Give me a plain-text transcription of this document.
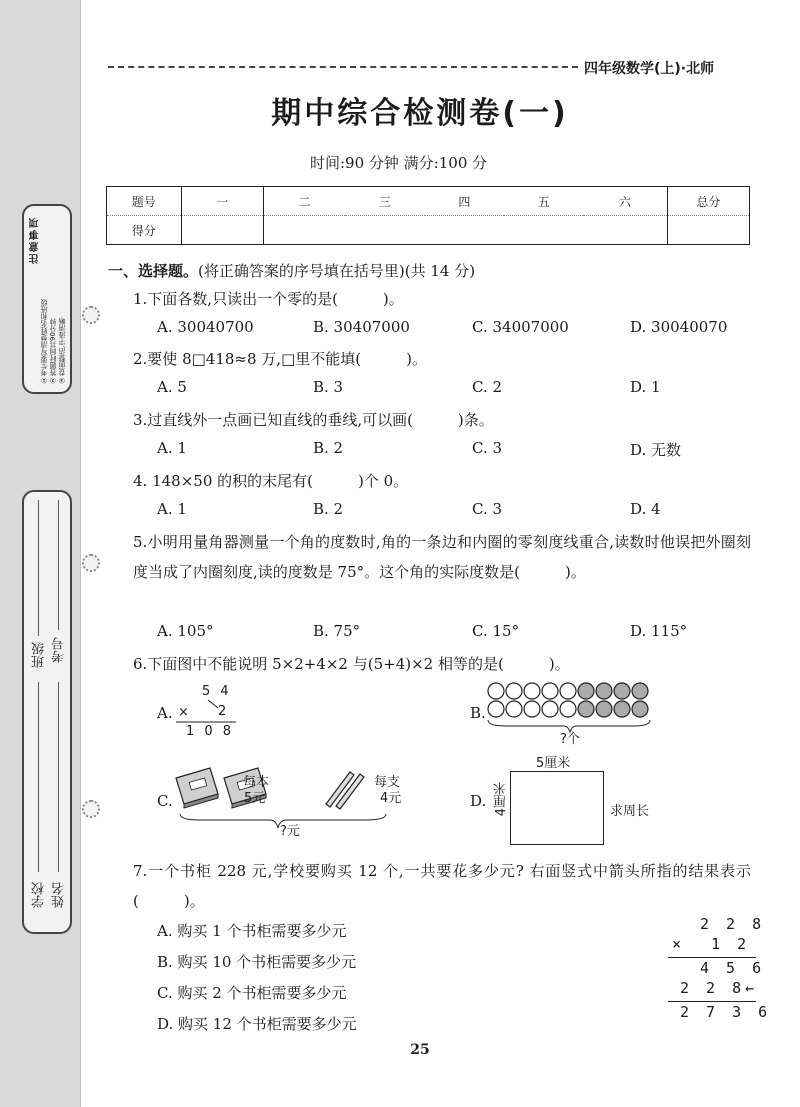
注意事项
①考生要写清楚姓名和班级 ②答题时间共90分钟 ③卷面整洁,字迹清晰
班级 考号
学校 姓名
四年级数学(上)·北师
期中综合检测卷(一)
时间:90 分钟 满分:100 分
题号	一	二	三	四	五	六	总分
得分							
一、选择题。(将正确答案的序号填在括号里)(共 14 分)
1.下面各数,只读出一个零的是(　　　)。
A. 30040700	B. 30407000	C. 34007000	D. 30040070
2.要使 8□418≈8 万,□里不能填(　　　)。
A. 5	B. 3	C. 2	D. 1
3.过直线外一点画已知直线的垂线,可以画(　　　)条。
A. 1	B. 2	C. 3	D. 无数
4. 148×50 的积的末尾有(　　　)个 0。
A. 1	B. 2	C. 3	D. 4
5.小明用量角器测量一个角的度数时,角的一条边和内圈的零刻度线重合,读数时他误把外圈刻度当成了内圈刻度,读的度数是 75°。这个角的实际度数是(　　　)。
A. 105°	B. 75°	C. 15°	D. 115°
6.下面图中不能说明 5×2+4×2 与(5+4)×2 相等的是(　　　)。
A.
5 4
× 2
1 0 8
B.
?个
C.
每本
5元
每支
4元
?元
D.
5厘米
4厘米	求周长
7.一个书柜 228 元,学校要购买 12 个,一共要花多少元? 右面竖式中箭头所指的结果表示(　　　)。
A. 购买 1 个书柜需要多少元
B. 购买 10 个书柜需要多少元
C. 购买 2 个书柜需要多少元
D. 购买 12 个书柜需要多少元
2 2 8
×  1 2
4 5 6
2 2 8←
2 7 3 6
25
